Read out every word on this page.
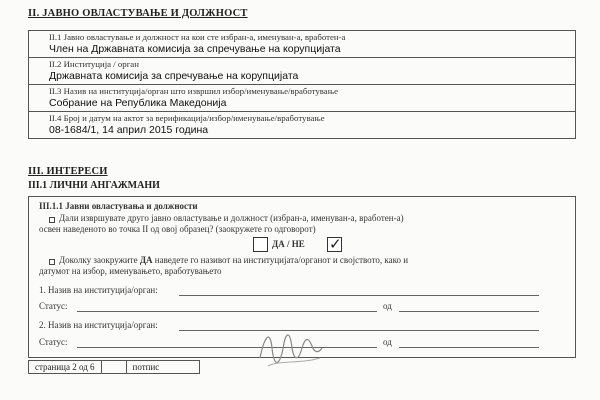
II. ЈАВНО ОВЛАСТУВАЊЕ И ДОЛЖНОСТ
II.1 Јавно овластување и должност на кои сте избран-а, именуван-а, вработен-а
Член на Државната комисија за спречување на корупцијата
II.2 Институција / орган
Државната комисија за спречување на корупцијата
II.3 Назив на институција/орган што извршил избор/именување/вработување
Собрание на Република Македонија
II.4 Број и датум на актот за верификација/избор/именување/вработување
08-1684/1, 14 април 2015 година
III. ИНТЕРЕСИ
III.1 ЛИЧНИ АНГАЖМАНИ
III.1.1 Јавни овластувања и должности
Дали извршувате друго јавно овластување и должност (избран-а, именуван-а, вработен-а)
освен наведеното во точка II од овој образец? (заокружете го одговорот)
ДА / НЕ ✓
Доколку заокружите ДА наведете го називот на институцијата/органот и својството, како и
датумот на избор, именувањето, вработувањето
1. Назив на институција/орган:
Статус:	од
2. Назив на институција/орган:
Статус:	од
страница 2 од 6	потпис
